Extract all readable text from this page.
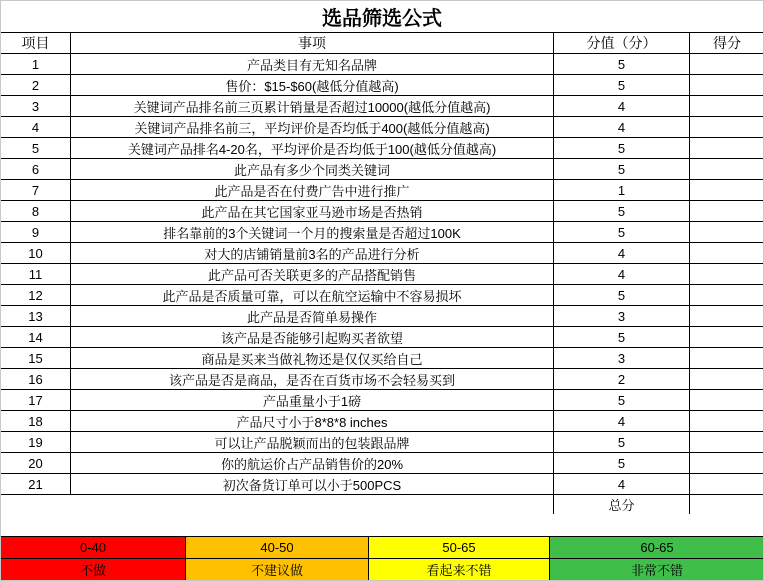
选品筛选公式
项目	事项	分值（分）	得分
1	产品类目有无知名品牌	5	
2	售价：$15-$60(越低分值越高)	5	
3	关键词产品排名前三页累计销量是否超过10000(越低分值越高)	4	
4	关键词产品排名前三，平均评价是否均低于400(越低分值越高)	4	
5	关键词产品排名4-20名，平均评价是否均低于100(越低分值越高)	5	
6	此产品有多少个同类关键词	5	
7	此产品是否在付费广告中进行推广	1	
8	此产品在其它国家亚马逊市场是否热销	5	
9	排名靠前的3个关键词一个月的搜索量是否超过100K	5	
10	对大的店铺销量前3名的产品进行分析	4	
11	此产品可否关联更多的产品搭配销售	4	
12	此产品是否质量可靠，可以在航空运输中不容易损坏	5	
13	此产品是否简单易操作	3	
14	该产品是否能够引起购买者欲望	5	
15	商品是买来当做礼物还是仅仅买给自己	3	
16	该产品是否是商品，是否在百货市场不会轻易买到	2	
17	产品重量小于1磅	5	
18	产品尺寸小于8*8*8 inches	4	
19	可以让产品脱颖而出的包装跟品牌	5	
20	你的航运价占产品销售价的20%	5	
21	初次备货订单可以小于500PCS	4	
		总分	
0-40	40-50	50-65	60-65
不做	不建议做	看起来不错	非常不错
